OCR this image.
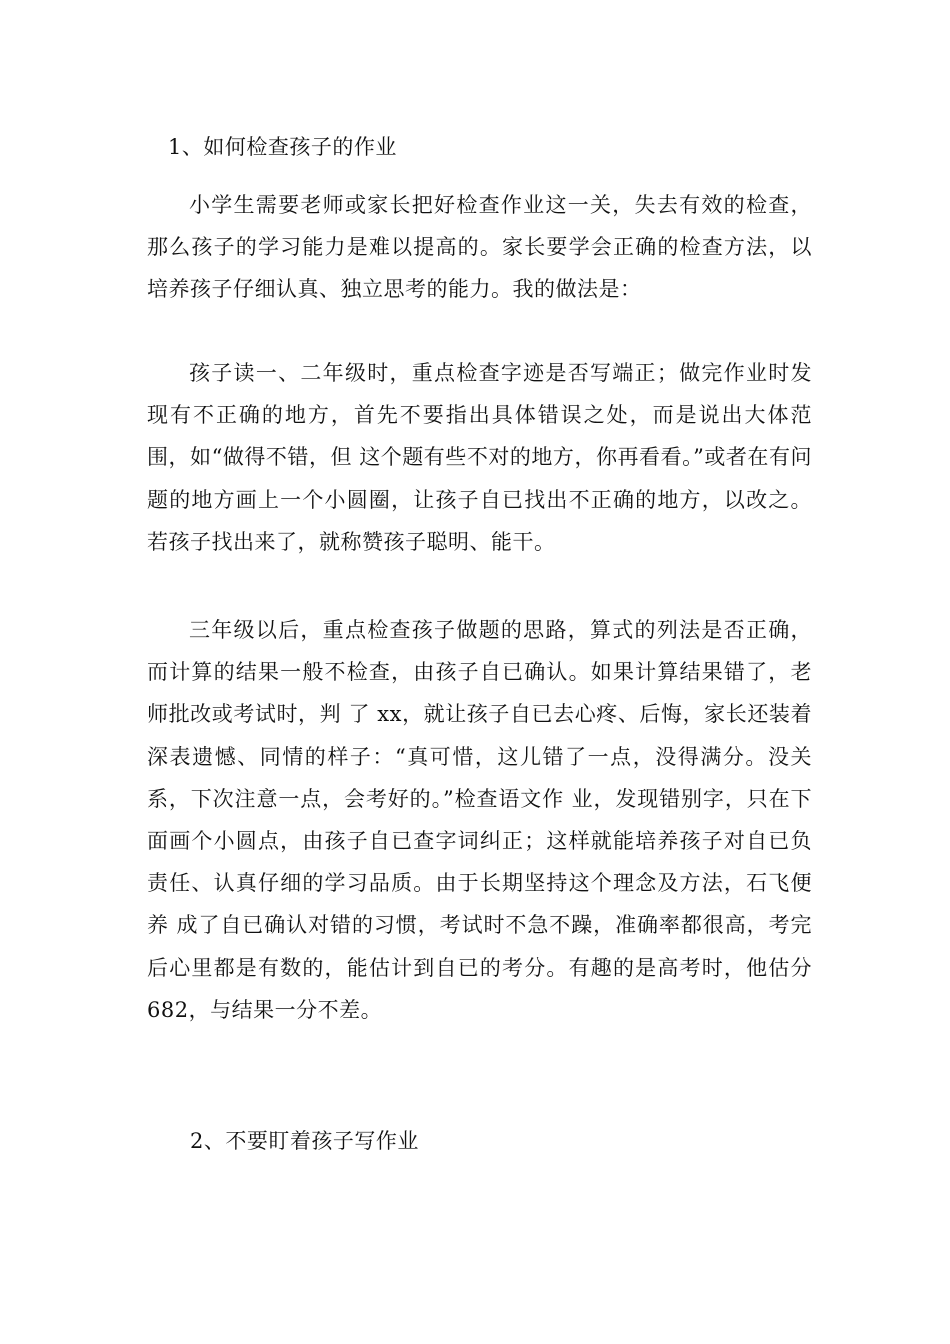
1、如何检查孩子的作业

小学生需要老师或家长把好检查作业这一关，失去有效的检查，那么孩子的学习能力是难以提高的。家长要学会正确的检查方法，以培养孩子仔细认真、独立思考的能力。我的做法是：

孩子读一、二年级时，重点检查字迹是否写端正；做完作业时发现有不正确的地方，首先不要指出具体错误之处，而是说出大体范围，如“做得不错，但 这个题有些不对的地方，你再看看。”或者在有问题的地方画上一个小圆圈，让孩子自已找出不正确的地方，以改之。若孩子找出来了，就称赞孩子聪明、能干。

三年级以后，重点检查孩子做题的思路，算式的列法是否正确，而计算的结果一般不检查，由孩子自已确认。如果计算结果错了，老师批改或考试时，判 了 xx，就让孩子自已去心疼、后悔，家长还装着深表遗憾、同情的样子：“真可惜，这儿错了一点，没得满分。没关系，下次注意一点，会考好的。”检查语文作 业，发现错别字，只在下面画个小圆点，由孩子自已查字词纠正；这样就能培养孩子对自已负责任、认真仔细的学习品质。由于长期坚持这个理念及方法，石飞便养 成了自已确认对错的习惯，考试时不急不躁，准确率都很高，考完后心里都是有数的，能估计到自已的考分。有趣的是高考时，他估分 682，与结果一分不差。

2、不要盯着孩子写作业
